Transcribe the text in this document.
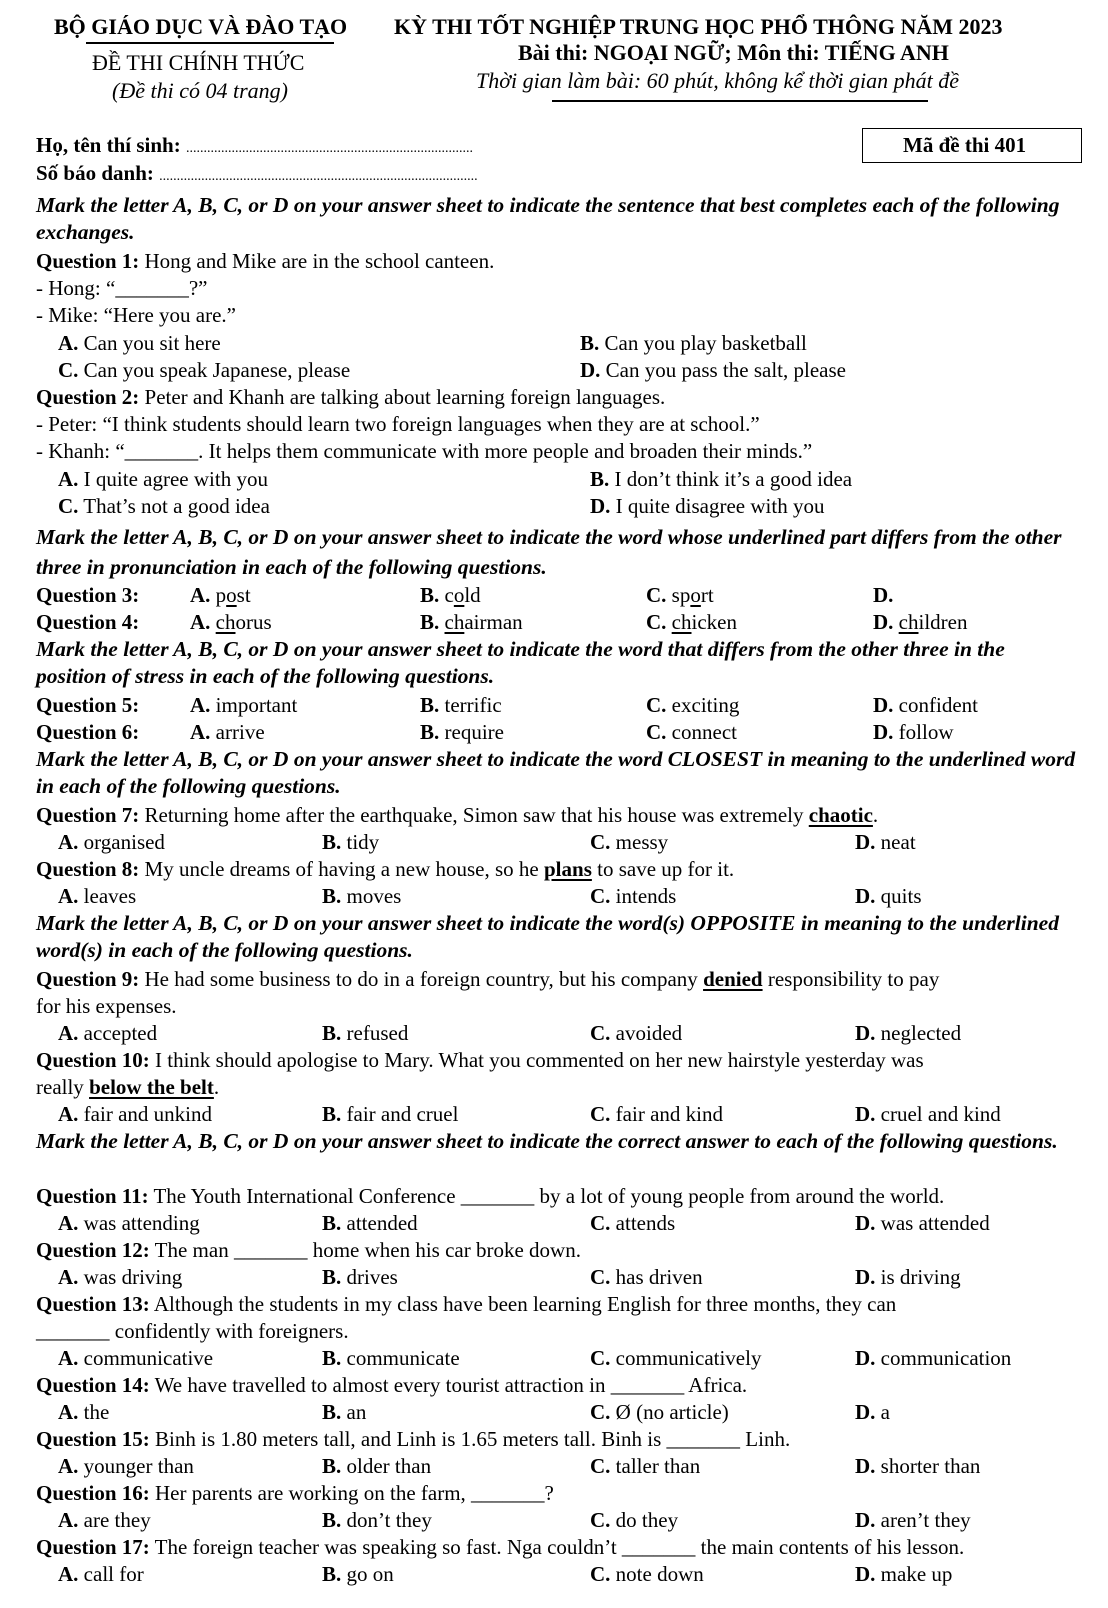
BỘ GIÁO DỤC VÀ ĐÀO TẠO
ĐỀ THI CHÍNH THỨC
(Đề thi có 04 trang)
KỲ THI TỐT NGHIỆP TRUNG HỌC PHỔ THÔNG NĂM 2023
Bài thi: NGOẠI NGỮ; Môn thi: TIẾNG ANH
Thời gian làm bài: 60 phút, không kể thời gian phát đề
Họ, tên thí sinh: ..................................................................................
Số báo danh: ...........................................................................................
Mã đề thi 401
Mark the letter A, B, C, or D on your answer sheet to indicate the sentence that best completes each of the following exchanges.
Question 1: Hong and Mike are in the school canteen.
- Hong: “_______?”
- Mike: “Here you are.”
A. Can you sit here	B. Can you play basketball
C. Can you speak Japanese, please	D. Can you pass the salt, please
Question 2: Peter and Khanh are talking about learning foreign languages.
- Peter: “I think students should learn two foreign languages when they are at school.”
- Khanh: “_______. It helps them communicate with more people and broaden their minds.”
A. I quite agree with you	B. I don’t think it’s a good idea
C. That’s not a good idea	D. I quite disagree with you
Mark the letter A, B, C, or D on your answer sheet to indicate the word whose underlined part differs from the other three in pronunciation in each of the following questions.
Question 3: A. post	B. cold	C. sport	D.
Question 4: A. chorus	B. chairman	C. chicken	D. children
Mark the letter A, B, C, or D on your answer sheet to indicate the word that differs from the other three in the position of stress in each of the following questions.
Question 5: A. important	B. terrific	C. exciting	D. confident
Question 6: A. arrive	B. require	C. connect	D. follow
Mark the letter A, B, C, or D on your answer sheet to indicate the word CLOSEST in meaning to the underlined word in each of the following questions.
Question 7: Returning home after the earthquake, Simon saw that his house was extremely chaotic.
A. organised	B. tidy	C. messy	D. neat
Question 8: My uncle dreams of having a new house, so he plans to save up for it.
A. leaves	B. moves	C. intends	D. quits
Mark the letter A, B, C, or D on your answer sheet to indicate the word(s) OPPOSITE in meaning to the underlined word(s) in each of the following questions.
Question 9: He had some business to do in a foreign country, but his company denied responsibility to pay
for his expenses.
A. accepted	B. refused	C. avoided	D. neglected
Question 10: I think should apologise to Mary. What you commented on her new hairstyle yesterday was
really below the belt.
A. fair and unkind	B. fair and cruel	C. fair and kind	D. cruel and kind
Mark the letter A, B, C, or D on your answer sheet to indicate the correct answer to each of the following questions.
Question 11: The Youth International Conference _______ by a lot of young people from around the world.
A. was attending	B. attended	C. attends	D. was attended
Question 12: The man _______ home when his car broke down.
A. was driving	B. drives	C. has driven	D. is driving
Question 13: Although the students in my class have been learning English for three months, they can
_______ confidently with foreigners.
A. communicative	B. communicate	C. communicatively	D. communication
Question 14: We have travelled to almost every tourist attraction in _______ Africa.
A. the	B. an	C. Ø (no article)	D. a
Question 15: Binh is 1.80 meters tall, and Linh is 1.65 meters tall. Binh is _______ Linh.
A. younger than	B. older than	C. taller than	D. shorter than
Question 16: Her parents are working on the farm, _______?
A. are they	B. don’t they	C. do they	D. aren’t they
Question 17: The foreign teacher was speaking so fast. Nga couldn’t _______ the main contents of his lesson.
A. call for	B. go on	C. note down	D. make up
